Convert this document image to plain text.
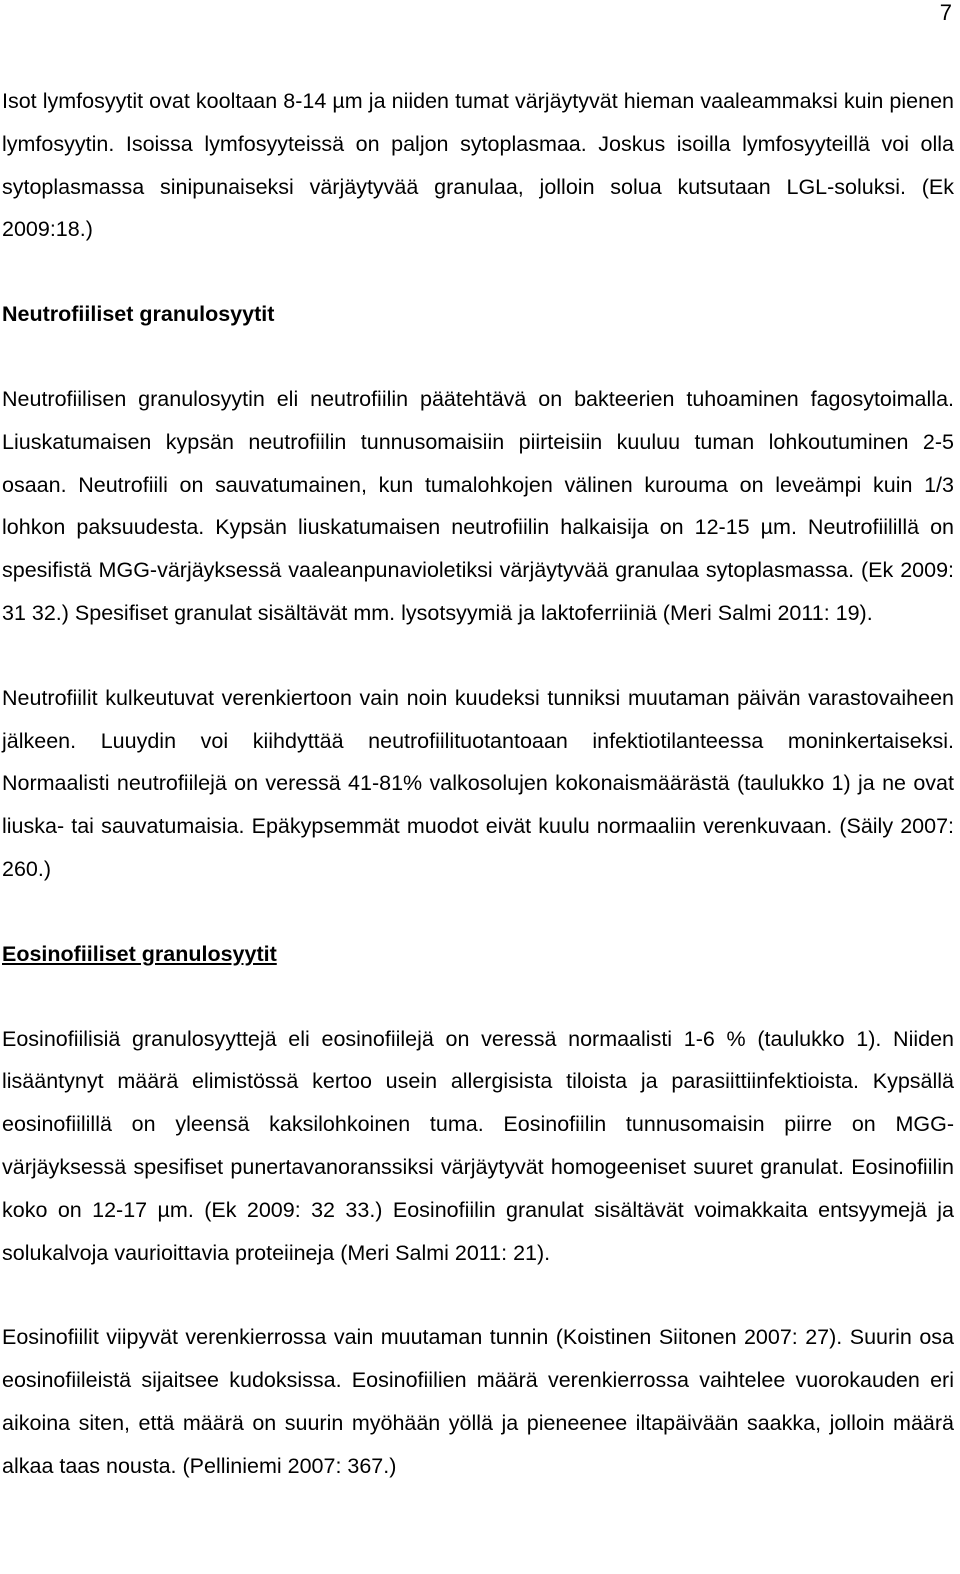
7

Isot lymfosyytit ovat kooltaan 8-14 µm ja niiden tumat värjäytyvät hieman vaaleammaksi kuin pienen lymfosyytin. Isoissa lymfosyyteissä on paljon sytoplasmaa. Joskus isoilla lymfosyyteillä voi olla sytoplasmassa sinipunaiseksi värjäytyvää granulaa, jolloin solua kutsutaan LGL-soluksi. (Ek 2009:18.)

Neutrofiiliset granulosyytit

Neutrofiilisen granulosyytin eli neutrofiilin päätehtävä on bakteerien tuhoaminen fagosytoimalla. Liuskatumaisen kypsän neutrofiilin tunnusomaisiin piirteisiin kuuluu tuman lohkoutuminen 2-5 osaan. Neutrofiili on sauvatumainen, kun tumalohkojen välinen kurouma on leveämpi kuin 1/3 lohkon paksuudesta. Kypsän liuskatumaisen neutrofiilin halkaisija on 12-15 µm. Neutrofiilillä on spesifistä MGG-värjäyksessä vaaleanpunavioletiksi värjäytyvää granulaa sytoplasmassa. (Ek 2009: 31 32.) Spesifiset granulat sisältävät mm. lysotsyymiä ja laktoferriiniä (Meri Salmi 2011: 19).

Neutrofiilit kulkeutuvat verenkiertoon vain noin kuudeksi tunniksi muutaman päivän varastovaiheen jälkeen. Luuydin voi kiihdyttää neutrofiilituotantoaan infektiotilanteessa moninkertaiseksi. Normaalisti neutrofiilejä on veressä 41-81% valkosolujen kokonaismäärästä (taulukko 1) ja ne ovat liuska- tai sauvatumaisia. Epäkypsemmät muodot eivät kuulu normaaliin verenkuvaan. (Säily 2007: 260.)

Eosinofiiliset granulosyytit

Eosinofiilisiä granulosyyttejä eli eosinofiilejä on veressä normaalisti 1-6 % (taulukko 1). Niiden lisääntynyt määrä elimistössä kertoo usein allergisista tiloista ja parasiittiinfektioista. Kypsällä eosinofiilillä on yleensä kaksilohkoinen tuma. Eosinofiilin tunnusomaisin piirre on MGG-värjäyksessä spesifiset punertavanoranssiksi värjäytyvät homogeeniset suuret granulat. Eosinofiilin koko on 12-17 µm. (Ek 2009: 32 33.) Eosinofiilin granulat sisältävät voimakkaita entsyymejä ja solukalvoja vaurioittavia proteiineja (Meri Salmi 2011: 21).

Eosinofiilit viipyvät verenkierrossa vain muutaman tunnin (Koistinen Siitonen 2007: 27). Suurin osa eosinofiileistä sijaitsee kudoksissa. Eosinofiilien määrä verenkierrossa vaihtelee vuorokauden eri aikoina siten, että määrä on suurin myöhään yöllä ja pieneenee iltapäivään saakka, jolloin määrä alkaa taas nousta. (Pelliniemi 2007: 367.)
